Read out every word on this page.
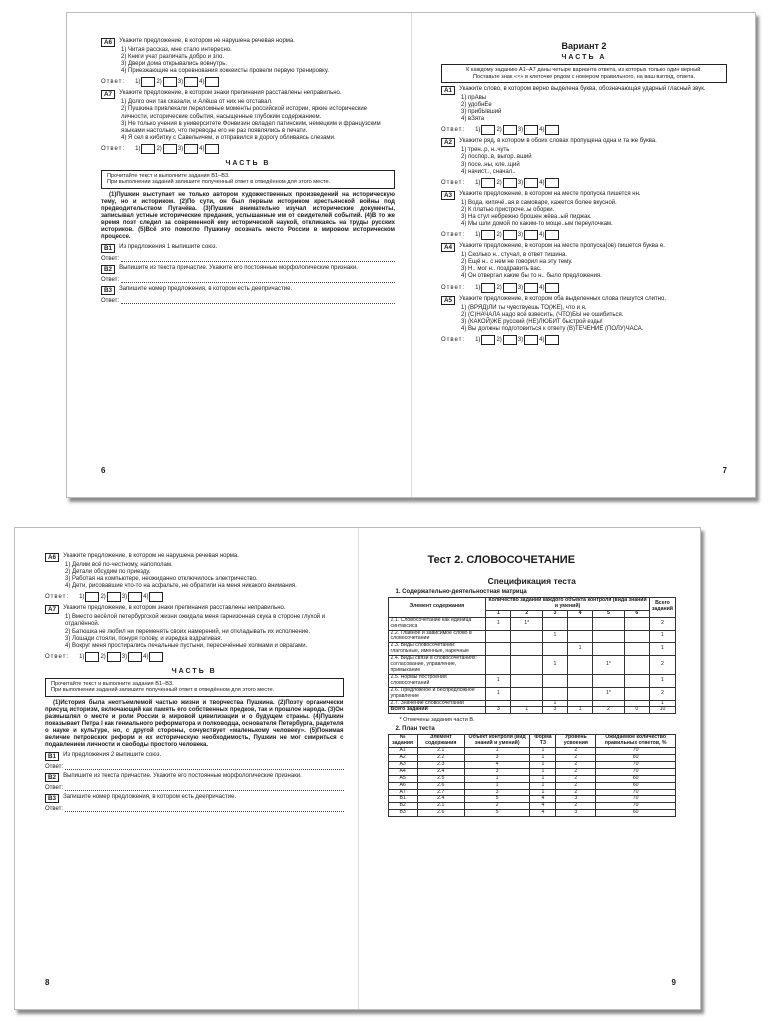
A6	Укажите предложение, в котором не нарушена речевая норма.
1) Читая рассказ, мне стало интересно.
2) Книги учат различать добро и зло.
3) Двери дома открывались вовнутрь.
4) Приезжающие на соревнования хоккеисты провели первую тренировку.
Ответ: 1)	2)	3)	4)
A7	Укажите предложение, в котором знаки препинания расставлены неправильно.
1) Долго они так сказали, и Алёша от них не отставал.
2) Пушкина привлекали переломные моменты российской истории, яркие исторические личности, исторические события, насыщенные глубоким содержанием.
3) Не только учения в университете Фонвизин овладел латинским, немецким и французским языками настолько, что переводы его не раз появлялись в печати.
4) Я сел в кибитку с Савельичем, и отправился в дорогу обливаясь слезами.
Ответ: 1)	2)	3)	4)
ЧАСТЬ В
Прочитайте текст и выполните задания В1–В3.
При выполнении заданий запишите полученный ответ в отведённом для этого месте.
(1)Пушкин выступает не только автором художественных произведений на историческую тему, но и историком. (2)По сути, он был первым историком крестьянской войны под предводительством Пугачёва. (3)Пушкин внимательно изучал исторические документы, записывал устные исторические предания, услышанные им от свидетелей событий. (4)В то же время поэт следил за современной ему исторической наукой, откликаясь на труды русских историков. (5)Всё это помогло Пушкину осознать место России в мировом историческом процессе.
B1	Из предложения 1 выпишите союз.
Ответ:
B2	Выпишите из текста причастие. Укажите его постоянные морфологические признаки.
Ответ:
B3	Запишите номер предложения, в котором есть деепричастие.
Ответ:
6
Вариант 2
ЧАСТЬ А
К каждому заданию А1–А7 даны четыре варианта ответа, из которых только один верный.
Поставьте знак «×» в клеточке рядом с номером правильного, на ваш взгляд, ответа.
A1	Укажите слово, в котором верно выделена буква, обозначающая ударный гласный звук.
1) прАвы
2) удобнЕе
3) прибЫвший
4) вЗята
Ответ: 1)	2)	3)	4)
A2	Укажите ряд, в котором в обоих словах пропущена одна и та же буква.
1) трен..р, н..чуть
2) поспор..в, выгор..вший
3) посе..ны, кле..щий
4) начист.., сначал..
Ответ: 1)	2)	3)	4)
A3	Укажите предложение, в котором на месте пропуска пишется нн.
1) Вода, кипячё..ая в самоваре, кажется более вкусной.
2) К платью пристроче..ы оборки.
3) На стул небрежно брошен жёва..ый пиджак.
4) Мы шли домой по каким-то моще..ым переулочкам.
Ответ: 1)	2)	3)	4)
A4	Укажите предложение, в котором на месте пропуска(ов) пишется буква е.
1) Сколько н.. стучал, в ответ тишина.
2) Ещё н.. с нем не говорил на эту тему.
3) Н.. мог н.. поздравить вас.
4) Он отвергал какие бы то н.. было предложения.
Ответ: 1)	2)	3)	4)
A5	Укажите предложение, в котором оба выделенных слова пишутся слитно.
1) (ВРЯД)ЛИ ты чувствуешь ТО(ЖЕ), что и я.
2) (С)НАЧАЛА надо всё взвесить, (ЧТО)БЫ не ошибиться.
3) (КАКОЙ)ЖЕ русский (НЕ)ЛЮБИТ быстрой езды!
4) Вы должны подготовиться к ответу (В)ТЕЧЕНИЕ (ПОЛУ)ЧАСА.
Ответ: 1)	2)	3)	4)
7
A6	Укажите предложение, в котором не нарушена речевая норма.
1) Делим всё по-честному, напополам.
2) Детали обсудим по приезду.
3) Работая на компьютере, неожиданно отключилось электричество.
4) Дети, рисовавшие что-то на асфальте, не обратили на меня никакого внимания.
Ответ: 1)	2)	3)	4)
A7	Укажите предложение, в котором знаки препинания расставлены неправильно.
1) Вместо весёлой петербургской жизни ожидала меня гарнизонная скука в стороне глухой и отдалённой.
2) Батюшка не любил ни переменять своих намерений, ни откладывать их исполнение.
3) Лошади стояли, понуря голову, и изредка вздрагивая.
4) Вокруг меня простирались печальные пустыни, пересечённые холмами и оврагами.
Ответ: 1)	2)	3)	4)
ЧАСТЬ В
Прочитайте текст и выполните задания В1–В3.
При выполнении заданий запишите полученный ответ в отведённом для этого месте.
(1)История была неотъемлемой частью жизни и творчества Пушкина. (2)Поэту органически присущ историзм, включающий как память его собственных предков, так и прошлое народа. (3)Он размышлял о месте и роли России в мировой цивилизации и о будущем страны. (4)Пушкин показывает Петра I как гениального реформатора и полководца, основателя Петербурга, радетеля о науке и культуре, но, с другой стороны, сочувствует «маленькому человеку». (5)Понимая величие петровских реформ и их историческую необходимость, Пушкин не мог смириться с подавлением личности и свободы простого человека.
B1	Из предложения 2 выпишите союз.
Ответ:
B2	Выпишите из текста причастие. Укажите его постоянные морфологические признаки.
Ответ:
B3	Запишите номер предложения, в котором есть деепричастие.
Ответ:
8
Тест 2. СЛОВОСОЧЕТАНИЕ
Спецификация теста
1. Содержательно-деятельностная матрица
Элемент содержания	Количество заданий каждого объекта контроля (вида знаний и умений)						Всего заданий
	1	2	3	4	5	6	
2.1. Словосочетание как единица синтаксиса	1	1*					2
2.2. Главное и зависимое слово в словосочетании			1				1
2.3. Виды словосочетаний: глагольные, именные, наречные				1			1
2.4. Виды связи в словосочетаниях: согласование, управление, примыкание			1		1*		2
2.5. Нормы построения словосочетаний	1						1
2.6. Предложное и беспредложное управление	1				1*		2
2.7. Значение словосочетаний			1				1
Всего заданий	3	1	3	1	2	0	10
* Отмечены задания части В.
2. План теста
№ задания	Элемент содержания	Объект контроля (вид знаний и умений)	Форма ТЗ	Уровень усвоения	Ожидаемое количество правильных ответов, %
A1	2.1	1	1	2	70
A2	2.2	3	1	2	60
A3	2.3	4	1	2	70
A4	2.4	3	1	2	70
A5	2.5	1	1	2	60
A6	2.6	1	1	2	60
A7	2.7	3	1	2	70
B1	2.4	5	4	3	70
B2	2.1	2	4	2	70
B3	2.6	5	4	3	60
9
